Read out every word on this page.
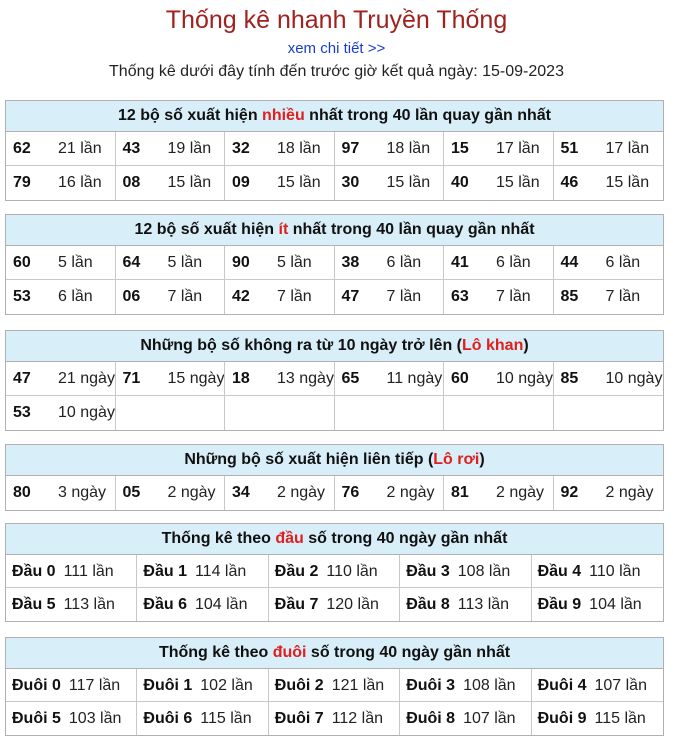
Thống kê nhanh Truyền Thống
xem chi tiết >>
Thống kê dưới đây tính đến trước giờ kết quả ngày: 15-09-2023
12 bộ số xuất hiện nhiều nhất trong 40 lần quay gần nhất
62 21 lần	43 19 lần	32 18 lần	97 18 lần	15 17 lần	51 17 lần
79 16 lần	08 15 lần	09 15 lần	30 15 lần	40 15 lần	46 15 lần
12 bộ số xuất hiện ít nhất trong 40 lần quay gần nhất
60 5 lần	64 5 lần	90 5 lần	38 6 lần	41 6 lần	44 6 lần
53 6 lần	06 7 lần	42 7 lần	47 7 lần	63 7 lần	85 7 lần
Những bộ số không ra từ 10 ngày trở lên (Lô khan)
47 21 ngày 71 15 ngày 18 13 ngày 65 11 ngày 60 10 ngày 85 10 ngày
53 10 ngày
Những bộ số xuất hiện liên tiếp (Lô rơi)
80 3 ngày	05 2 ngày	34 2 ngày	76 2 ngày	81 2 ngày	92 2 ngày
Thống kê theo đầu số trong 40 ngày gần nhất
Đầu 0 111 lần	Đầu 1 114 lần	Đầu 2 110 lần	Đầu 3 108 lần	Đầu 4 110 lần
Đầu 5 113 lần	Đầu 6 104 lần	Đầu 7 120 lần	Đầu 8 113 lần	Đầu 9 104 lần
Thống kê theo đuôi số trong 40 ngày gần nhất
Đuôi 0 117 lần	Đuôi 1 102 lần	Đuôi 2 121 lần	Đuôi 3 108 lần	Đuôi 4 107 lần
Đuôi 5 103 lần	Đuôi 6 115 lần	Đuôi 7 112 lần	Đuôi 8 107 lần	Đuôi 9 115 lần
